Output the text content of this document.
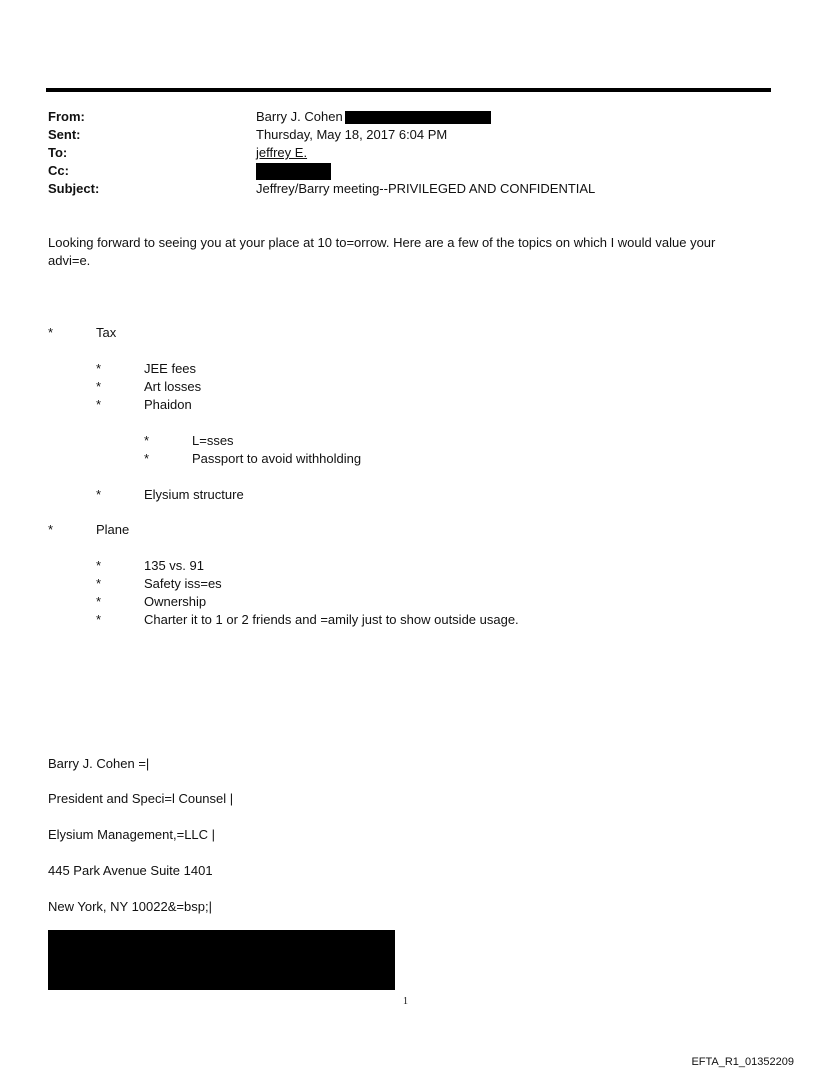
From:	Barry J. Cohen
Sent:	Thursday, May 18, 2017 6:04 PM
To:	jeffrey E.
Cc:
Subject:	Jeffrey/Barry meeting--PRIVILEGED AND CONFIDENTIAL
Looking forward to seeing you at your place at 10 to=orrow. Here are a few of the topics on which I would value your
advi=e.
*	Tax
*	JEE fees
*	Art losses
*	Phaidon
*	L=sses
*	Passport to avoid withholding
*	Elysium structure
*	Plane
*	135 vs. 91
*	Safety iss=es
*	Ownership
*	Charter it to 1 or 2 friends and =amily just to show outside usage.
Barry J. Cohen =|
President and Speci=l Counsel |
Elysium Management,=LLC |
445 Park Avenue Suite 1401
New York, NY 10022&=bsp;|
1
EFTA_R1_01352209
